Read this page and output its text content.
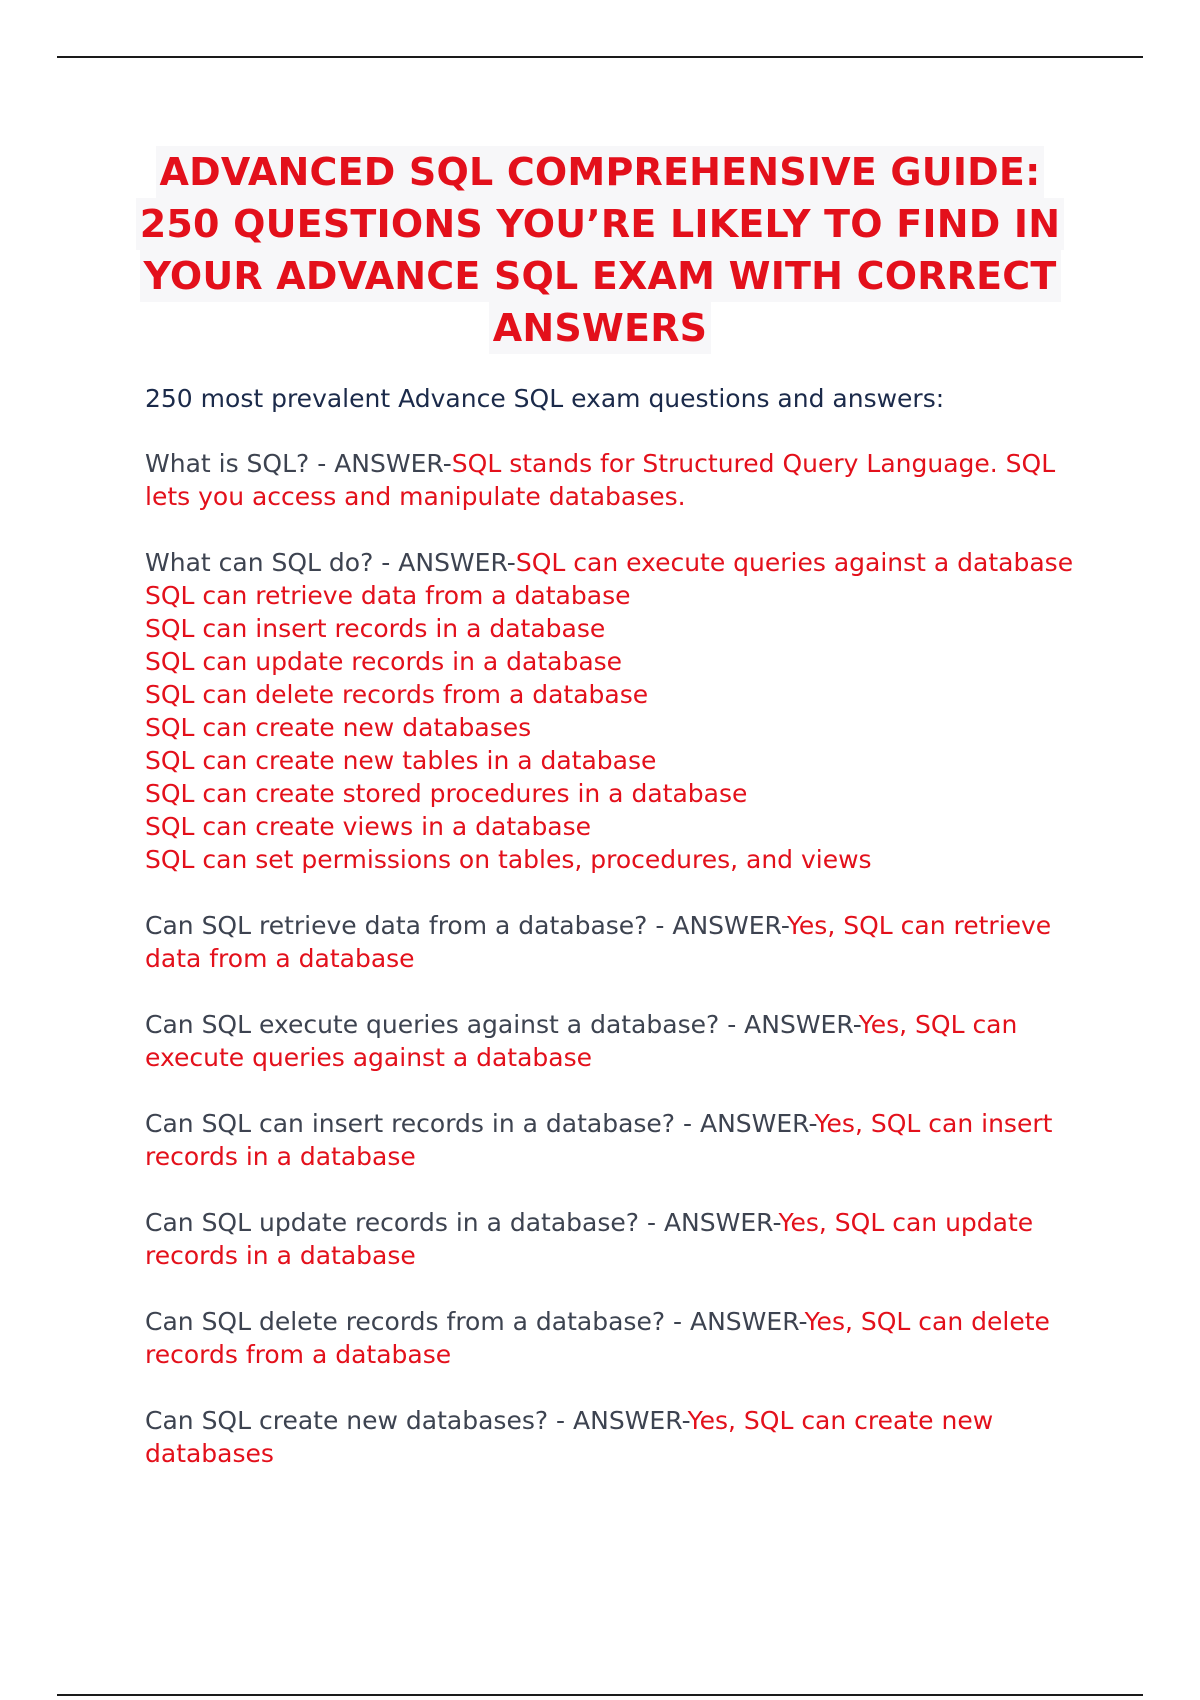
ADVANCED SQL COMPREHENSIVE GUIDE:
250 QUESTIONS YOU’RE LIKELY TO FIND IN
YOUR ADVANCE SQL EXAM WITH CORRECT
ANSWERS

250 most prevalent Advance SQL exam questions and answers:

What is SQL? - ANSWER-SQL stands for Structured Query Language. SQL lets you access and manipulate databases.
What can SQL do? - ANSWER-SQL can execute queries against a database
SQL can retrieve data from a database
SQL can insert records in a database
SQL can update records in a database
SQL can delete records from a database
SQL can create new databases
SQL can create new tables in a database
SQL can create stored procedures in a database
SQL can create views in a database
SQL can set permissions on tables, procedures, and views
Can SQL retrieve data from a database? - ANSWER-Yes, SQL can retrieve data from a database
Can SQL execute queries against a database? - ANSWER-Yes, SQL can execute queries against a database
Can SQL can insert records in a database? - ANSWER-Yes, SQL can insert records in a database
Can SQL update records in a database? - ANSWER-Yes, SQL can update records in a database
Can SQL delete records from a database? - ANSWER-Yes, SQL can delete records from a database
Can SQL create new databases? - ANSWER-Yes, SQL can create new databases
